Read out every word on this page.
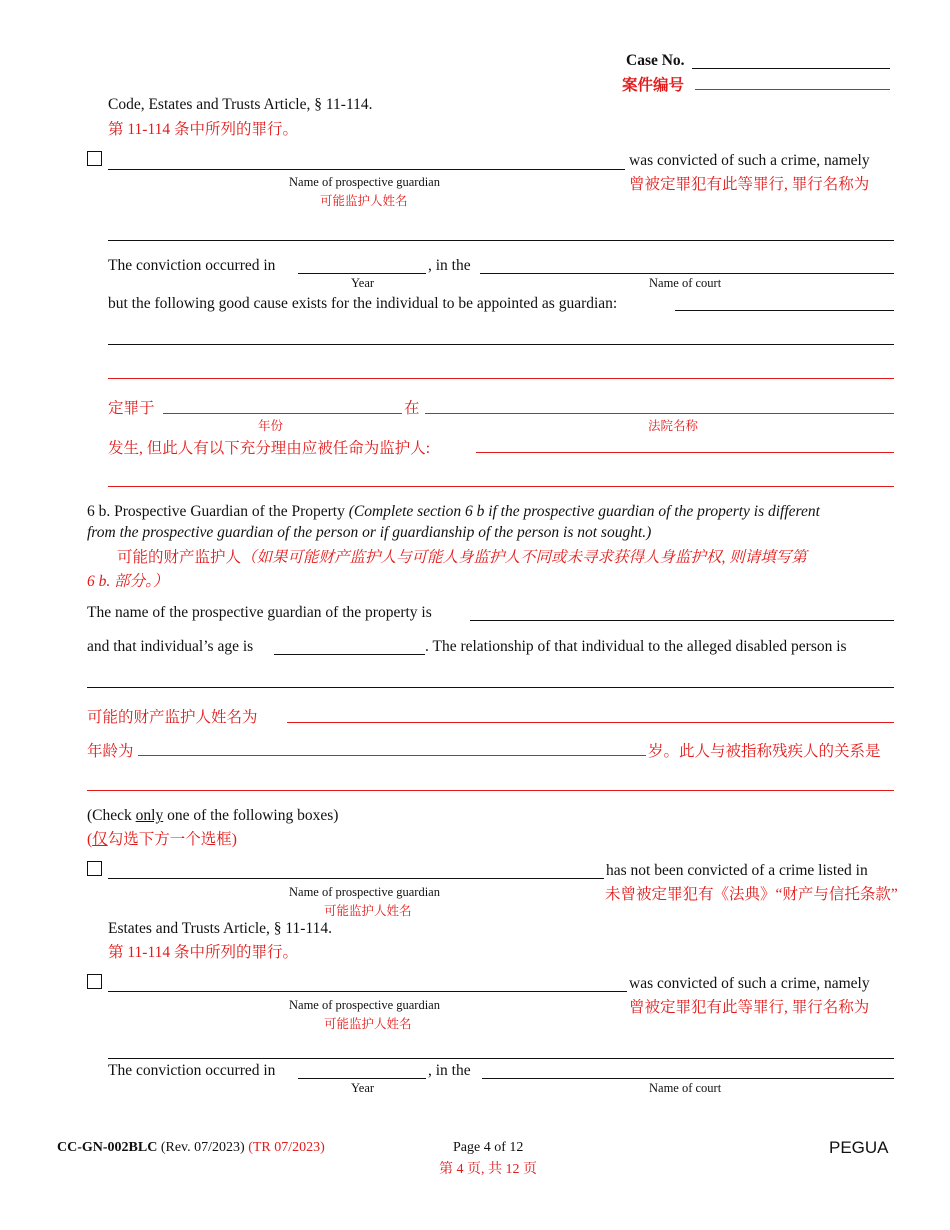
Case No.
案件编号
Code, Estates and Trusts Article, § 11-114.
第 11-114 条中所列的罪行。
was convicted of such a crime, namely
曾被定罪犯有此等罪行, 罪行名称为
Name of prospective guardian
可能监护人姓名
The conviction occurred in	, in the
Year	Name of court
but the following good cause exists for the individual to be appointed as guardian:
定罪于	在
年份	法院名称
发生, 但此人有以下充分理由应被任命为监护人:
6 b. Prospective Guardian of the Property (Complete section 6 b if the prospective guardian of the property is different
from the prospective guardian of the person or if guardianship of the person is not sought.)
可能的财产监护人（如果可能财产监护人与可能人身监护人不同或未寻求获得人身监护权, 则请填写第
6 b. 部分。）
The name of the prospective guardian of the property is
and that individual’s age is	. The relationship of that individual to the alleged disabled person is
可能的财产监护人姓名为
年龄为	岁。此人与被指称残疾人的关系是
(Check only one of the following boxes)
(仅勾选下方一个选框)
has not been convicted of a crime listed in
未曾被定罪犯有《法典》“财产与信托条款”
Name of prospective guardian
可能监护人姓名
Estates and Trusts Article, § 11-114.
第 11-114 条中所列的罪行。
was convicted of such a crime, namely
曾被定罪犯有此等罪行, 罪行名称为
Name of prospective guardian
可能监护人姓名
The conviction occurred in	, in the
Year	Name of court
CC-GN-002BLC (Rev. 07/2023) (TR 07/2023)	Page 4 of 12
第 4 页, 共 12 页
PEGUA
